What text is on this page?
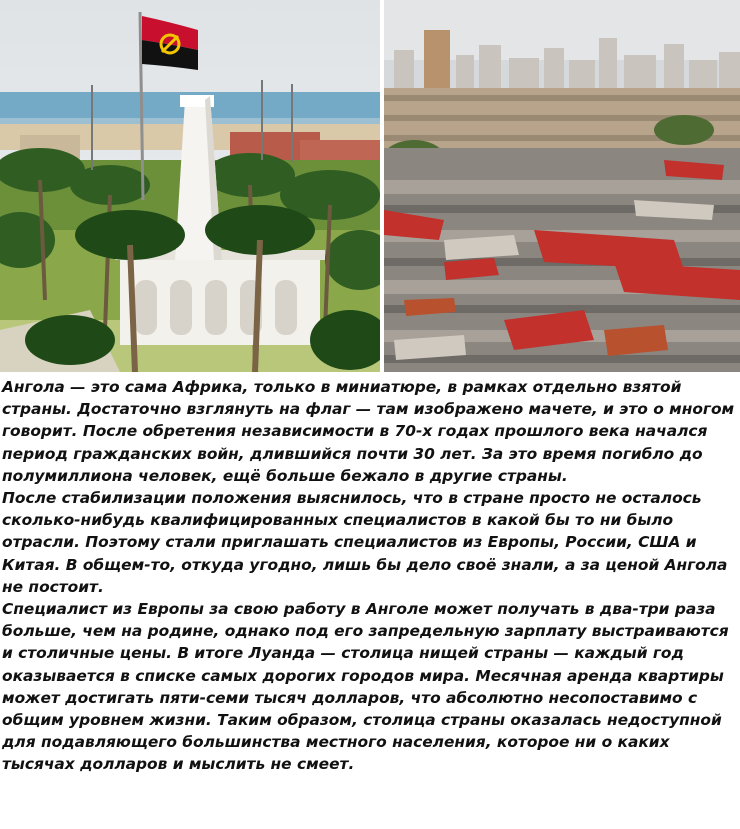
Ангола — это сама Африка, только в миниатюре, в рамках отдельно взятой страны. Достаточно взглянуть на флаг — там изображено мачете, и это о многом говорит. После обретения независимости в 70-х годах прошлого века начался период гражданских войн, длившийся почти 30 лет. За это время погибло до полумиллиона человек, ещё больше бежало в другие страны.

После стабилизации положения выяснилось, что в стране просто не осталось сколько-нибудь квалифицированных специалистов в какой бы то ни было отрасли. Поэтому стали приглашать специалистов из Европы, России, США и Китая. В общем-то, откуда угодно, лишь бы дело своё знали, а за ценой Ангола не постоит.

Специалист из Европы за свою работу в Анголе может получать в два-три раза больше, чем на родине, однако под его запредельную зарплату выстраиваются и столичные цены. В итоге Луанда — столица нищей страны — каждый год оказывается в списке самых дорогих городов мира. Месячная аренда квартиры может достигать пяти-семи тысяч долларов, что абсолютно несопоставимо с общим уровнем жизни. Таким образом, столица страны оказалась недоступной для подавляющего большинства местного населения, которое ни о каких тысячах долларов и мыслить не смеет.
